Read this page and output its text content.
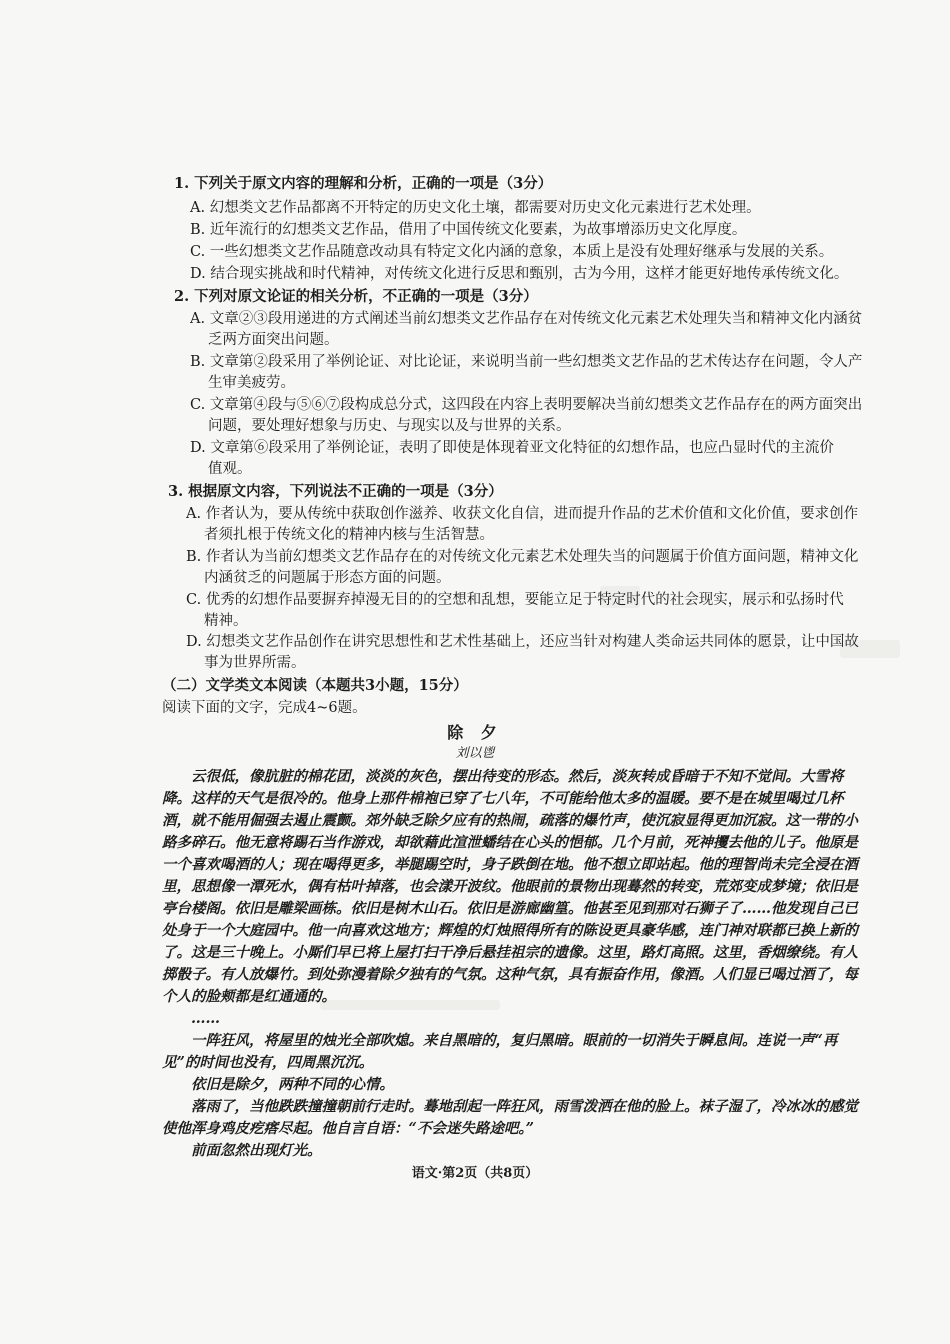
1. 下列关于原文内容的理解和分析，正确的一项是（3分）
A. 幻想类文艺作品都离不开特定的历史文化土壤，都需要对历史文化元素进行艺术处理。
B. 近年流行的幻想类文艺作品，借用了中国传统文化要素，为故事增添历史文化厚度。
C. 一些幻想类文艺作品随意改动具有特定文化内涵的意象，本质上是没有处理好继承与发展的关系。
D. 结合现实挑战和时代精神，对传统文化进行反思和甄别，古为今用，这样才能更好地传承传统文化。
2. 下列对原文论证的相关分析，不正确的一项是（3分）
A. 文章②③段用递进的方式阐述当前幻想类文艺作品存在对传统文化元素艺术处理失当和精神文化内涵贫
乏两方面突出问题。
B. 文章第②段采用了举例论证、对比论证，来说明当前一些幻想类文艺作品的艺术传达存在问题，令人产
生审美疲劳。
C. 文章第④段与⑤⑥⑦段构成总分式，这四段在内容上表明要解决当前幻想类文艺作品存在的两方面突出
问题，要处理好想象与历史、与现实以及与世界的关系。
D. 文章第⑥段采用了举例论证，表明了即使是体现着亚文化特征的幻想作品，也应凸显时代的主流价
值观。
3. 根据原文内容，下列说法不正确的一项是（3分）
A. 作者认为，要从传统中获取创作滋养、收获文化自信，进而提升作品的艺术价值和文化价值，要求创作
者须扎根于传统文化的精神内核与生活智慧。
B. 作者认为当前幻想类文艺作品存在的对传统文化元素艺术处理失当的问题属于价值方面问题，精神文化
内涵贫乏的问题属于形态方面的问题。
C. 优秀的幻想作品要摒弃掉漫无目的的空想和乱想，要能立足于特定时代的社会现实，展示和弘扬时代
精神。
D. 幻想类文艺作品创作在讲究思想性和艺术性基础上，还应当针对构建人类命运共同体的愿景，让中国故
事为世界所需。
（二）文学类文本阅读（本题共3小题，15分）
阅读下面的文字，完成4~6题。
除 夕
刘以鬯
　　云很低，像肮脏的棉花团，淡淡的灰色，摆出待变的形态。然后，淡灰转成昏暗于不知不觉间。大雪将
降。这样的天气是很冷的。他身上那件棉袍已穿了七八年，不可能给他太多的温暖。要不是在城里喝过几杯
酒，就不能用倔强去遏止震颤。郊外缺乏除夕应有的热闹，疏落的爆竹声，使沉寂显得更加沉寂。这一带的小
路多碎石。他无意将踢石当作游戏，却欲藉此渲泄蟠结在心头的悒郁。几个月前，死神攫去他的儿子。他原是
一个喜欢喝酒的人；现在喝得更多，举腿踢空时，身子跌倒在地。他不想立即站起。他的理智尚未完全浸在酒
里，思想像一潭死水，偶有枯叶掉落，也会漾开波纹。他眼前的景物出现蓦然的转变，荒郊变成梦境；依旧是
亭台楼阁。依旧是雕梁画栋。依旧是树木山石。依旧是游廊幽篁。他甚至见到那对石狮子了……他发现自己已
处身于一个大庭园中。他一向喜欢这地方；辉煌的灯烛照得所有的陈设更具豪华感，连门神对联都已换上新的
了。这是三十晚上。小厮们早已将上屋打扫干净后悬挂祖宗的遗像。这里，路灯高照。这里，香烟缭绕。有人
掷骰子。有人放爆竹。到处弥漫着除夕独有的气氛。这种气氛，具有振奋作用，像酒。人们显已喝过酒了，每
个人的脸颊都是红通通的。
　　……
　　一阵狂风，将屋里的烛光全部吹熄。来自黑暗的，复归黑暗。眼前的一切消失于瞬息间。连说一声“再
见”的时间也没有，四周黑沉沉。
　　依旧是除夕，两种不同的心情。
　　落雨了，当他跌跌撞撞朝前行走时。蓦地刮起一阵狂风，雨雪泼洒在他的脸上。袜子湿了，冷冰冰的感觉
使他浑身鸡皮疙瘩尽起。他自言自语：“不会迷失路途吧。”
　　前面忽然出现灯光。
语文·第2页（共8页）
